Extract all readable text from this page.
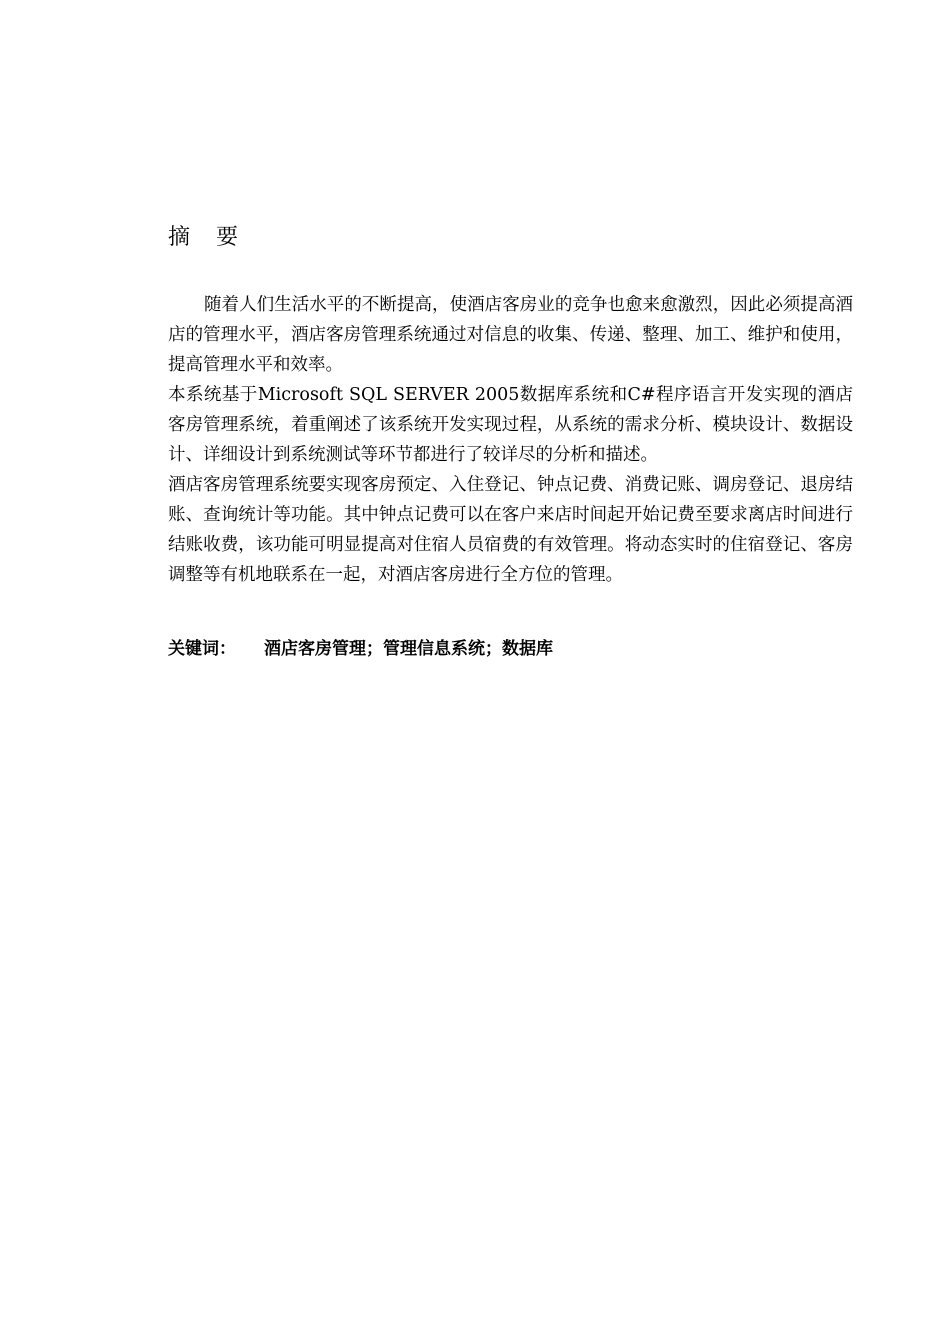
摘要

随着人们生活水平的不断提高，使酒店客房业的竞争也愈来愈激烈，因此必须提高酒店的管理水平，酒店客房管理系统通过对信息的收集、传递、整理、加工、维护和使用，提高管理水平和效率。

本系统基于Microsoft SQL SERVER 2005数据库系统和C#程序语言开发实现的酒店客房管理系统，着重阐述了该系统开发实现过程，从系统的需求分析、模块设计、数据设计、详细设计到系统测试等环节都进行了较详尽的分析和描述。

酒店客房管理系统要实现客房预定、入住登记、钟点记费、消费记账、调房登记、退房结账、查询统计等功能。其中钟点记费可以在客户来店时间起开始记费至要求离店时间进行结账收费，该功能可明显提高对住宿人员宿费的有效管理。将动态实时的住宿登记、客房调整等有机地联系在一起，对酒店客房进行全方位的管理。

关键词： 酒店客房管理；管理信息系统；数据库
